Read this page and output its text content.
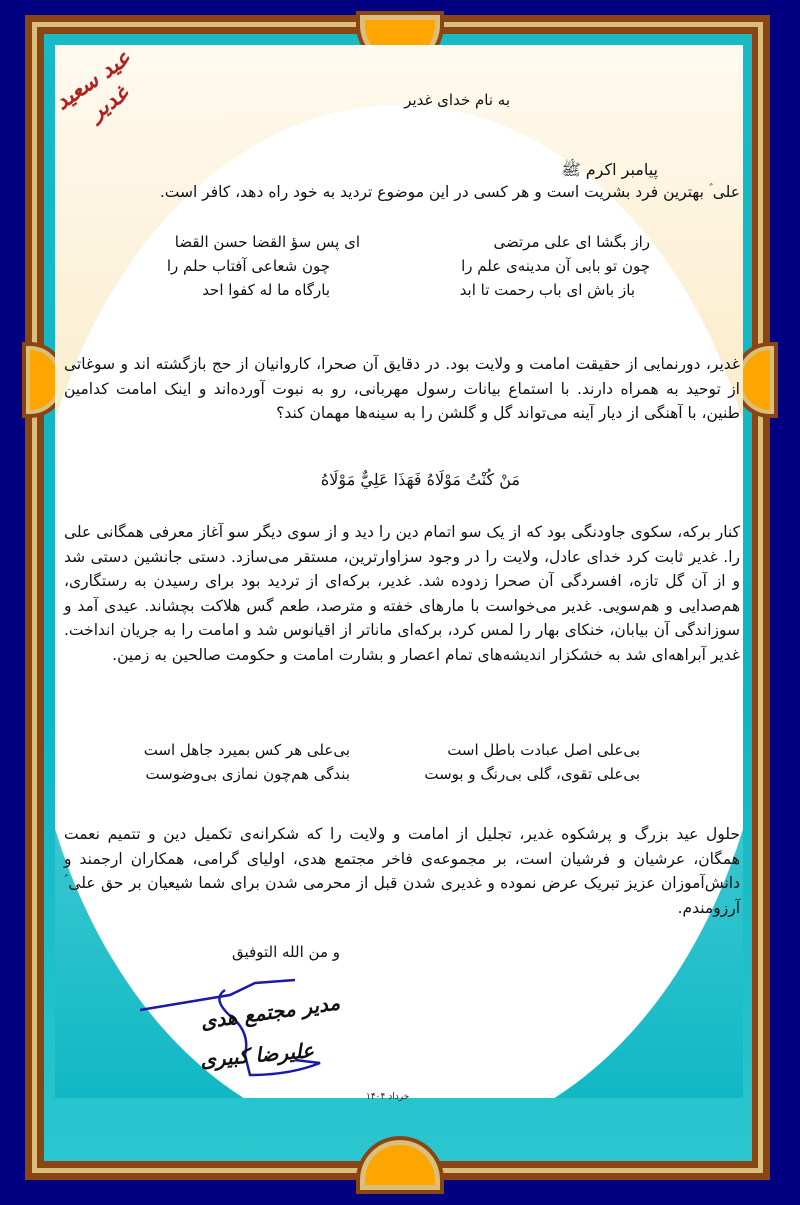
عید سعید غدیر	به نام خدای غدیر
پیامبر اکرم ﷺ
علی ؑ بهترین فرد بشریت است و هر کسی در این موضوع تردید به خود راه دهد، کافر است.
راز بگشا ای علی مرتضی
ای پس سؤ القضا حسن القضا
چون تو بابی آن مدینه‌ی علم را
چون شعاعی آفتاب حلم را
باز باش ای باب رحمت تا ابد
بارگاه ما له کفوا احد
غدیر، دورنمایی از حقیقت امامت و ولایت بود. در دقایق آن صحرا، کاروانیان از حج بازگشته اند و سوغاتی از توحید به همراه دارند. با استماع بیانات رسول مهربانی، رو به نبوت آورده‌اند و اینک امامت کدامین طنین، با آهنگی از دیار آینه می‌تواند گل و گلشن را به سینه‌ها مهمان کند؟
مَنْ كُنْتُ مَوْلَاهُ فَهَذَا عَلِيٌّ مَوْلَاهُ
کنار برکه، سکوی جاودنگی بود که از یک سو اتمام دین را دید و از سوی دیگر سو آغاز معرفی همگانی علی را. غدیر ثابت کرد خدای عادل، ولایت را در وجود سزاوارترین، مستقر می‌سازد. دستی جانشین دستی شد و از آن گل تازه، افسردگی آن صحرا زدوده شد. غدیر، برکه‌ای از تردید بود برای رسیدن به رستگاری، هم‌صدایی و هم‌سویی. غدیر می‌خواست با مارهای خفته و مترصد، طعم گس هلاکت بچشاند. عیدی آمد و سوزاندگی آن بیابان، خنکای بهار را لمس کرد، برکه‌ای ماناتر از اقیانوس شد و امامت را به جریان انداخت. غدیر آبراهه‌ای شد به خشکزار اندیشه‌های تمام اعصار و بشارت امامت و حکومت صالحین به زمین.
بی‌علی اصل عبادت باطل است
بی‌علی هر کس بمیرد جاهل است
بی‌علی تقوی، گلی بی‌رنگ و بوست
بندگی هم‌چون نمازی بی‌وضوست
حلول عید بزرگ و پرشکوه غدیر، تجلیل از امامت و ولایت را که شکرانه‌ی تکمیل دین و تتمیم نعمت همگان، عرشیان و فرشیان است، بر مجموعه‌ی فاخر مجتمع هدی، اولیای گرامی، همکاران ارجمند و دانش‌آموزان عزیز تبریک عرض نموده و غدیری شدن قبل از محرمی شدن برای شما شیعیان بر حق علی ؑ آرزومندم.
و من الله التوفیق
مدیر مجتمع هدی
علیرضا کبیری
خرداد ۱۴۰۴
